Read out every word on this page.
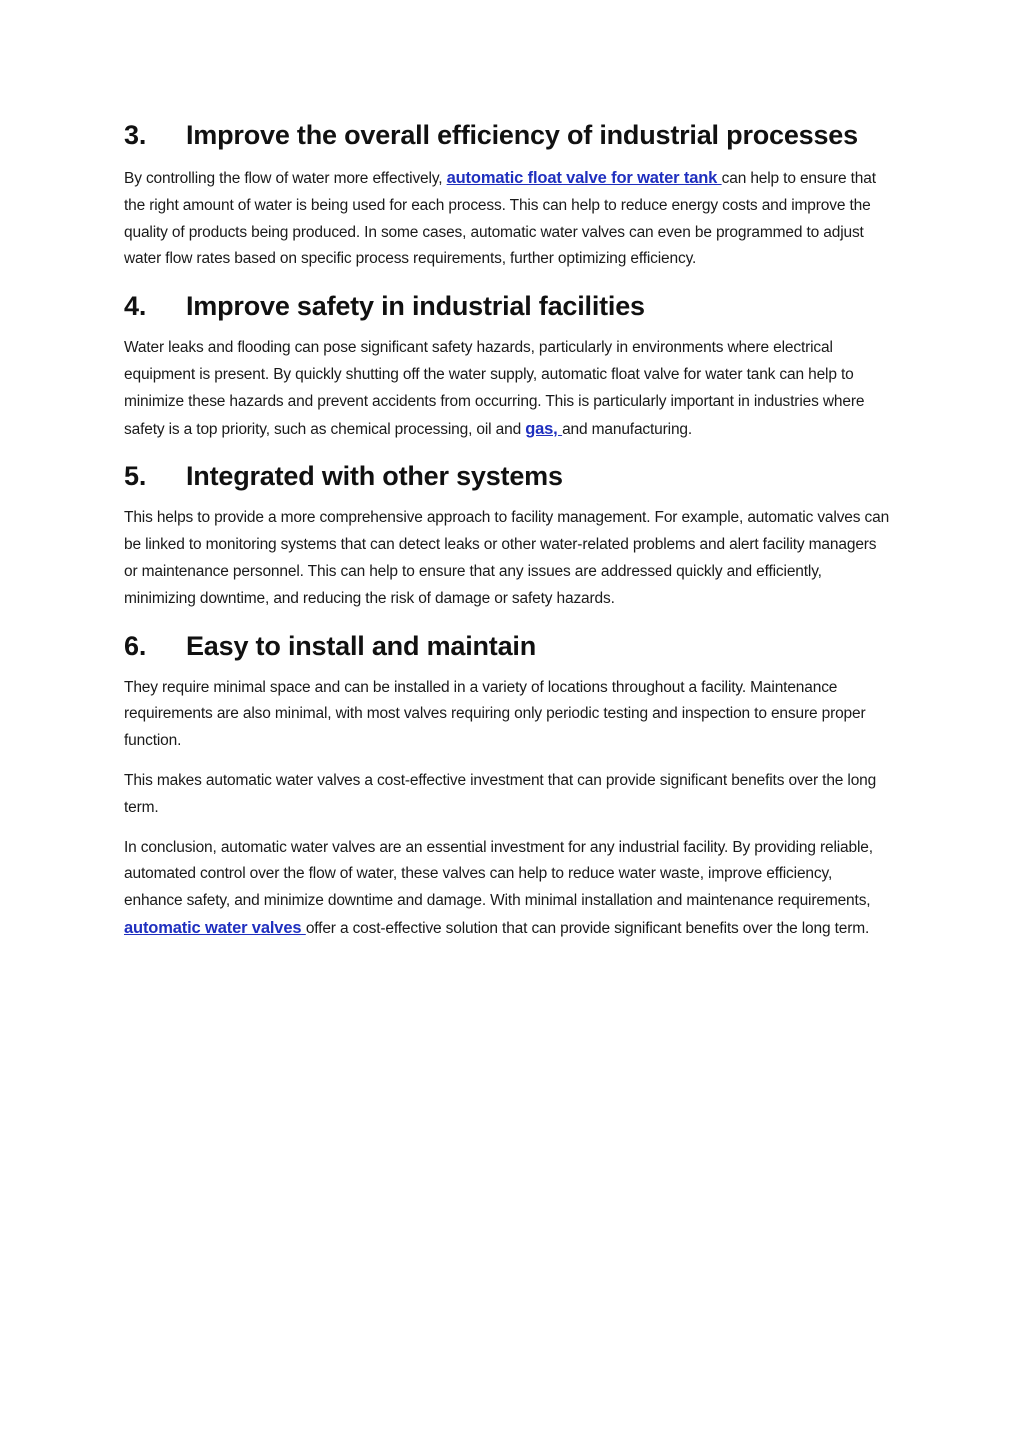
3.	Improve the overall efficiency of industrial processes

By controlling the flow of water more effectively, automatic float valve for water tank can help to ensure that the right amount of water is being used for each process. This can help to reduce energy costs and improve the quality of products being produced. In some cases, automatic water valves can even be programmed to adjust water flow rates based on specific process requirements, further optimizing efficiency.

4.	Improve safety in industrial facilities

Water leaks and flooding can pose significant safety hazards, particularly in environments where electrical equipment is present. By quickly shutting off the water supply, automatic float valve for water tank can help to minimize these hazards and prevent accidents from occurring. This is particularly important in industries where safety is a top priority, such as chemical processing, oil and gas, and manufacturing.

5.	Integrated with other systems

This helps to provide a more comprehensive approach to facility management. For example, automatic valves can be linked to monitoring systems that can detect leaks or other water-related problems and alert facility managers or maintenance personnel. This can help to ensure that any issues are addressed quickly and efficiently, minimizing downtime, and reducing the risk of damage or safety hazards.

6.	Easy to install and maintain

They require minimal space and can be installed in a variety of locations throughout a facility. Maintenance requirements are also minimal, with most valves requiring only periodic testing and inspection to ensure proper function.

This makes automatic water valves a cost-effective investment that can provide significant benefits over the long term.

In conclusion, automatic water valves are an essential investment for any industrial facility. By providing reliable, automated control over the flow of water, these valves can help to reduce water waste, improve efficiency, enhance safety, and minimize downtime and damage. With minimal installation and maintenance requirements, automatic water valves offer a cost-effective solution that can provide significant benefits over the long term.
